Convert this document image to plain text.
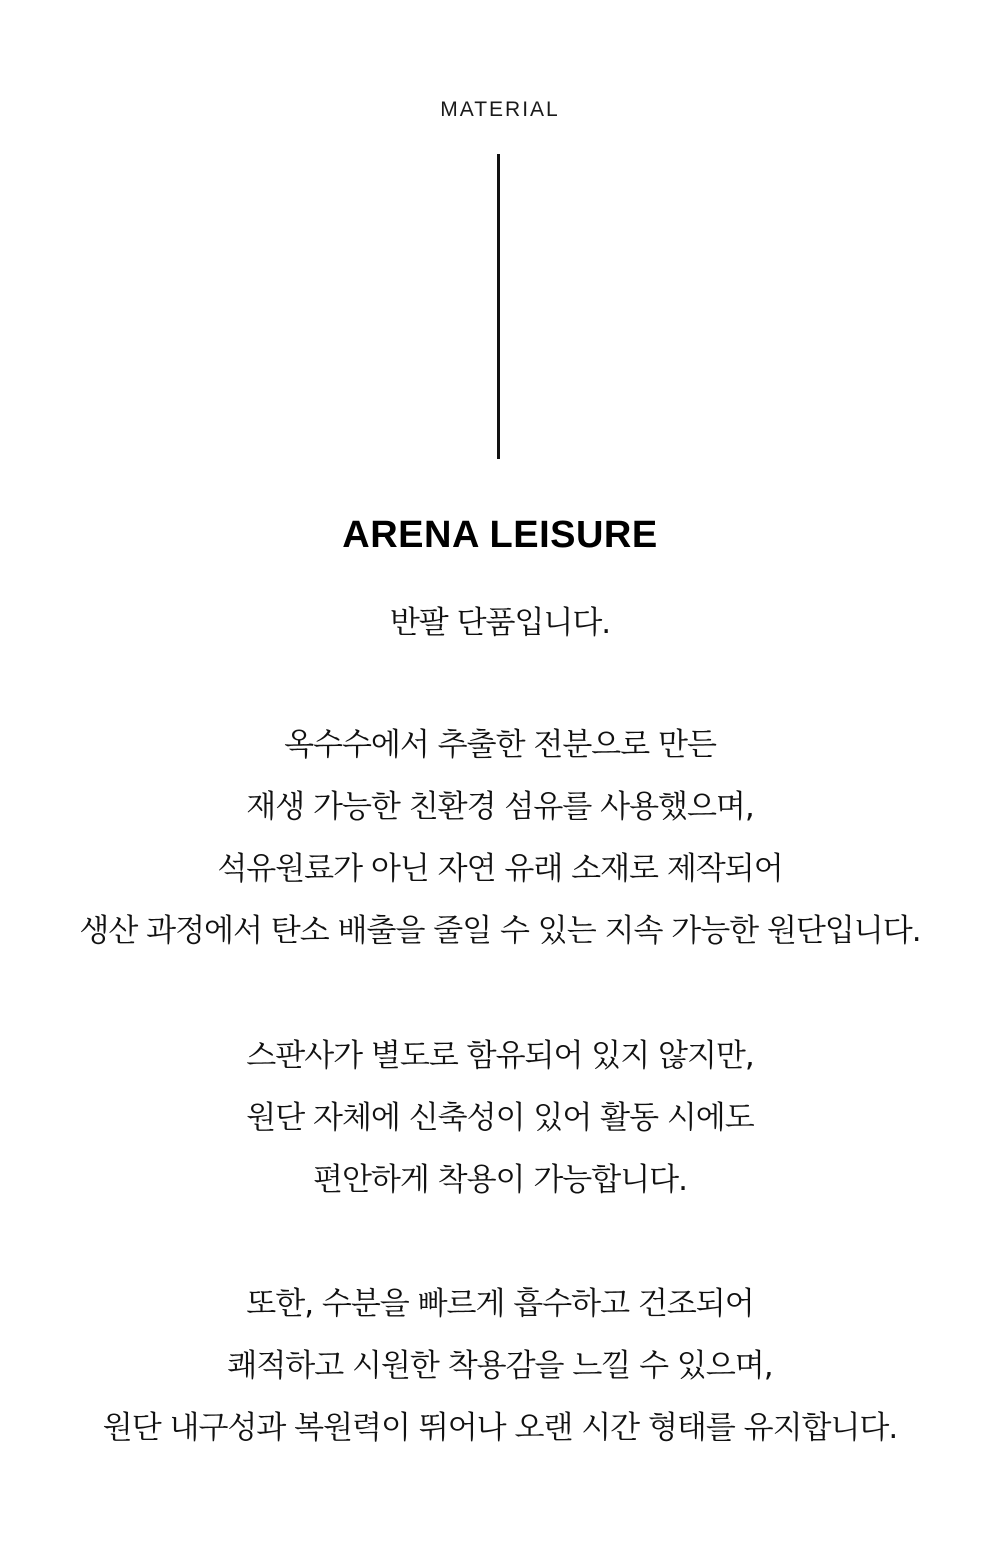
MATERIAL
ARENA LEISURE
반팔 단품입니다.
옥수수에서 추출한 전분으로 만든
재생 가능한 친환경 섬유를 사용했으며,
석유원료가 아닌 자연 유래 소재로 제작되어
생산 과정에서 탄소 배출을 줄일 수 있는 지속 가능한 원단입니다.
스판사가 별도로 함유되어 있지 않지만,
원단 자체에 신축성이 있어 활동 시에도
편안하게 착용이 가능합니다.
또한, 수분을 빠르게 흡수하고 건조되어
쾌적하고 시원한 착용감을 느낄 수 있으며,
원단 내구성과 복원력이 뛰어나 오랜 시간 형태를 유지합니다.
